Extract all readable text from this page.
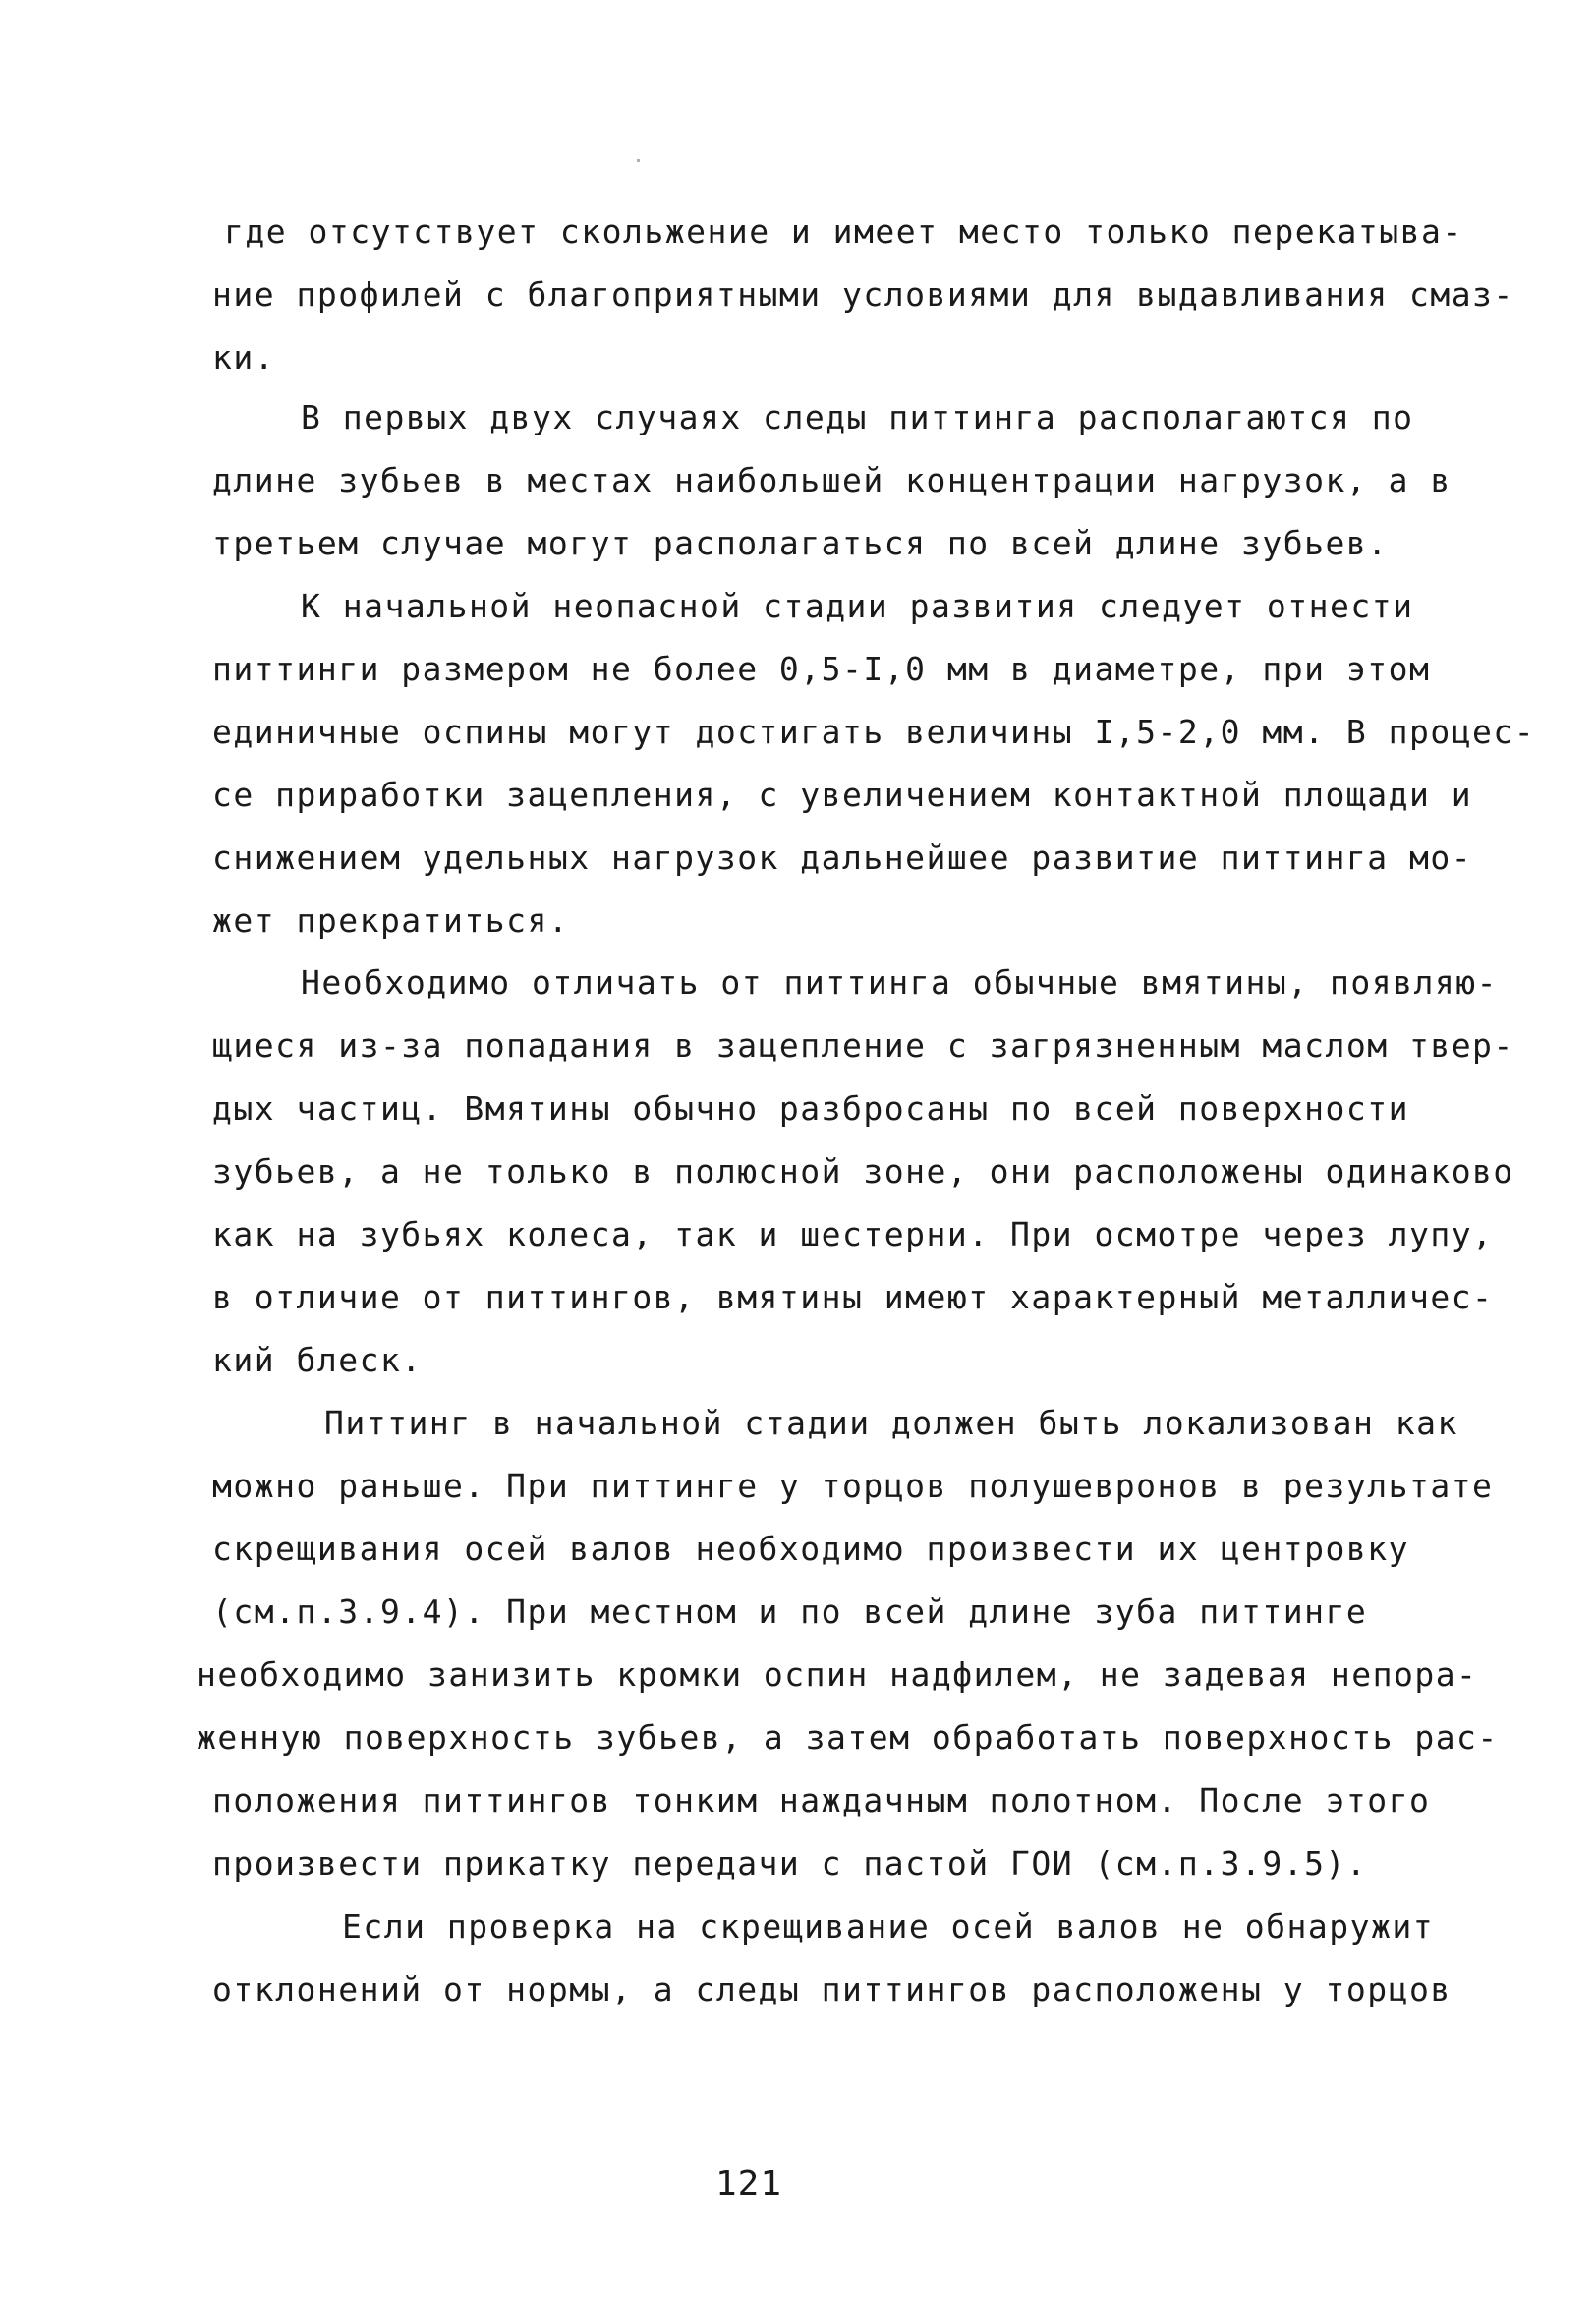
где отсутствует скольжение и имеет место только перекатыва-
ние профилей с благоприятными условиями для выдавливания смаз-
ки.
В первых двух случаях следы питтинга располагаются по
длине зубьев в местах наибольшей концентрации нагрузок, а в
третьем случае могут располагаться по всей длине зубьев.
К начальной неопасной стадии развития следует отнести
питтинги размером не более 0,5-I,0 мм в диаметре, при этом
единичные оспины могут достигать величины I,5-2,0 мм. В процес-
се приработки зацепления, с увеличением контактной площади и
снижением удельных нагрузок дальнейшее развитие питтинга мо-
жет прекратиться.
Необходимо отличать от питтинга обычные вмятины, появляю-
щиеся из-за попадания в зацепление с загрязненным маслом твер-
дых частиц. Вмятины обычно разбросаны по всей поверхности
зубьев, а не только в полюсной зоне, они расположены одинаково
как на зубьях колеса, так и шестерни. При осмотре через лупу,
в отличие от питтингов, вмятины имеют характерный металличес-
кий блеск.
Питтинг в начальной стадии должен быть локализован как
можно раньше. При питтинге у торцов полушевронов в результате
скрещивания осей валов необходимо произвести их центровку
(см.п.3.9.4). При местном и по всей длине зуба питтинге
необходимо занизить кромки оспин надфилем, не задевая непора-
женную поверхность зубьев, а затем обработать поверхность рас-
положения питтингов тонким наждачным полотном. После этого
произвести прикатку передачи с пастой ГОИ (см.п.3.9.5).
Если проверка на скрещивание осей валов не обнаружит
отклонений от нормы, а следы питтингов расположены у торцов
121
